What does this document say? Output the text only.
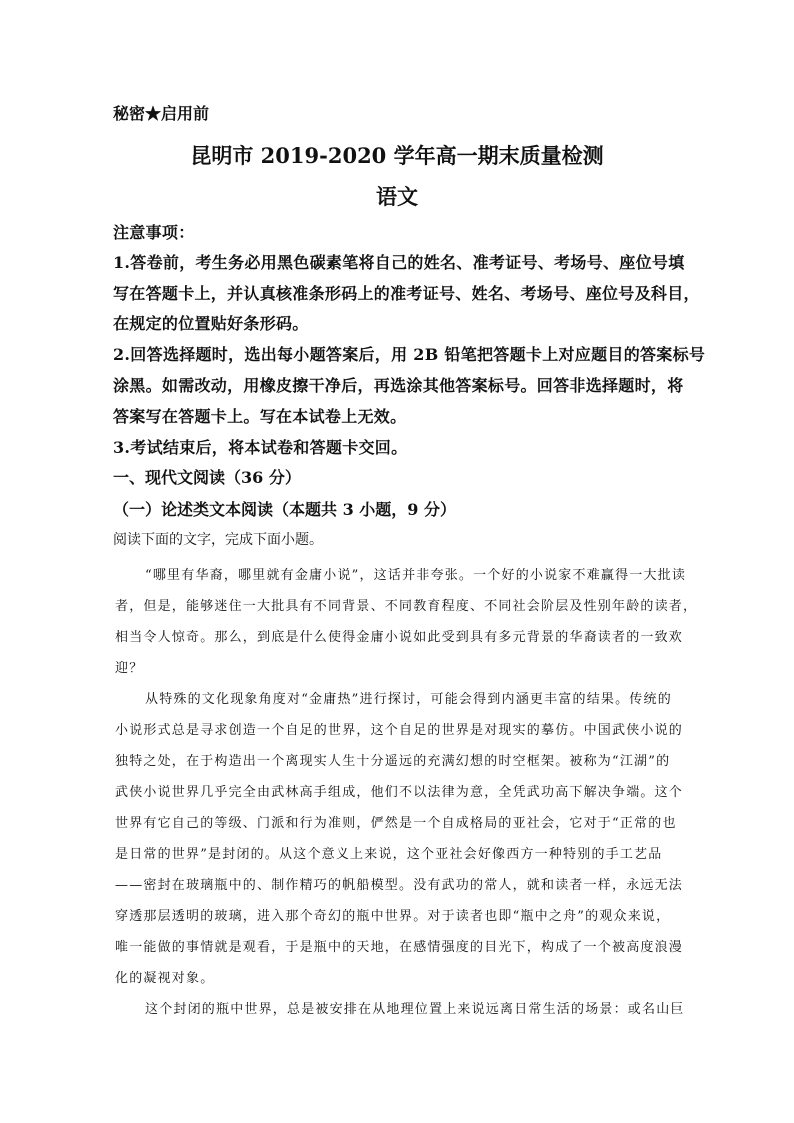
秘密★启用前
昆明市 2019-2020 学年高一期末质量检测
语文
注意事项：
1.答卷前，考生务必用黑色碳素笔将自己的姓名、准考证号、考场号、座位号填
写在答题卡上，并认真核准条形码上的准考证号、姓名、考场号、座位号及科目，
在规定的位置贴好条形码。
2.回答选择题时，选出每小题答案后，用 2B 铅笔把答题卡上对应题目的答案标号
涂黑。如需改动，用橡皮擦干净后，再选涂其他答案标号。回答非选择题时，将
答案写在答题卡上。写在本试卷上无效。
3.考试结束后，将本试卷和答题卡交回。
一、现代文阅读（36 分）
（一）论述类文本阅读（本题共 3 小题，9 分）
阅读下面的文字，完成下面小题。
“哪里有华裔，哪里就有金庸小说”，这话并非夸张。一个好的小说家不难赢得一大批读
者，但是，能够迷住一大批具有不同背景、不同教育程度、不同社会阶层及性别年龄的读者，
相当令人惊奇。那么，到底是什么使得金庸小说如此受到具有多元背景的华裔读者的一致欢
迎？
从特殊的文化现象角度对“金庸热”进行探讨，可能会得到内涵更丰富的结果。传统的
小说形式总是寻求创造一个自足的世界，这个自足的世界是对现实的摹仿。中国武侠小说的
独特之处，在于构造出一个离现实人生十分遥远的充满幻想的时空框架。被称为“江湖”的
武侠小说世界几乎完全由武林高手组成，他们不以法律为意，全凭武功高下解决争端。这个
世界有它自己的等级、门派和行为准则，俨然是一个自成格局的亚社会，它对于“正常的也
是日常的世界”是封闭的。从这个意义上来说，这个亚社会好像西方一种特别的手工艺品
——密封在玻璃瓶中的、制作精巧的帆船模型。没有武功的常人，就和读者一样，永远无法
穿透那层透明的玻璃，进入那个奇幻的瓶中世界。对于读者也即“瓶中之舟”的观众来说，
唯一能做的事情就是观看，于是瓶中的天地，在感情强度的目光下，构成了一个被高度浪漫
化的凝视对象。
这个封闭的瓶中世界，总是被安排在从地理位置上来说远离日常生活的场景：或名山巨
